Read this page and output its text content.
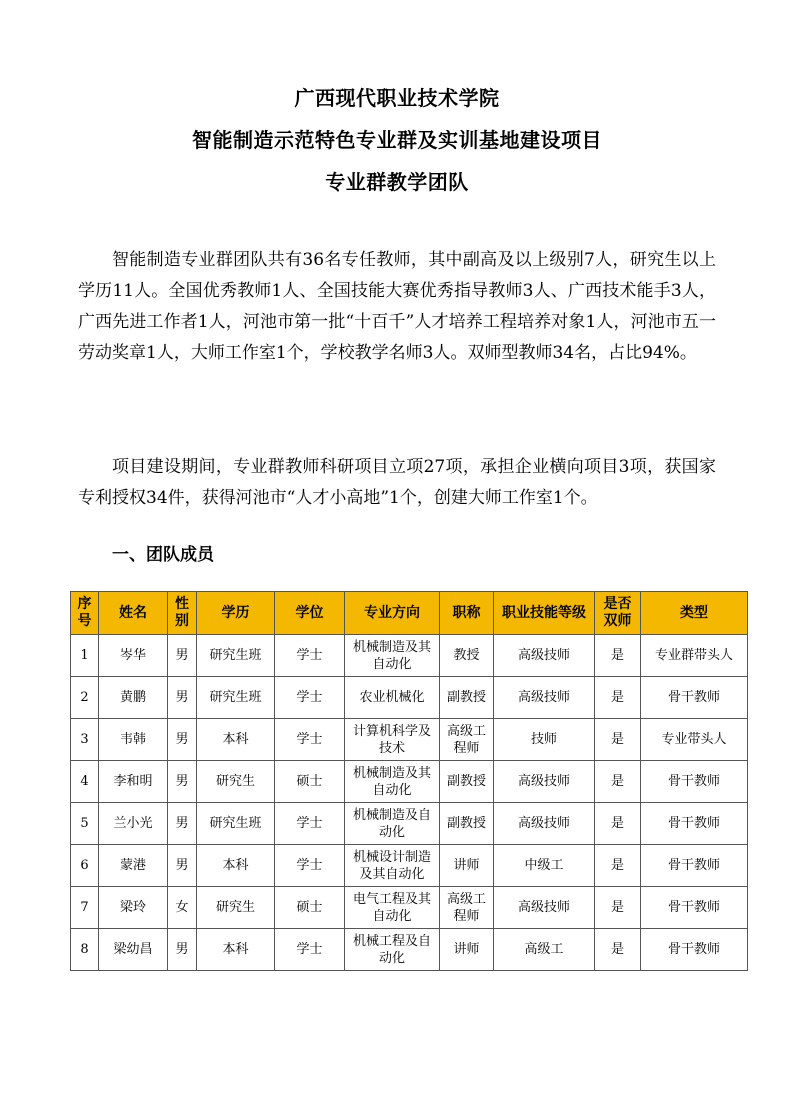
广西现代职业技术学院
智能制造示范特色专业群及实训基地建设项目
专业群教学团队

智能制造专业群团队共有36名专任教师，其中副高及以上级别7人，研究生以上学历11人。全国优秀教师1人、全国技能大赛优秀指导教师3人、广西技术能手3人，广西先进工作者1人，河池市第一批“十百千”人才培养工程培养对象1人，河池市五一劳动奖章1人，大师工作室1个，学校教学名师3人。双师型教师34名，占比94%。

项目建设期间，专业群教师科研项目立项27项，承担企业横向项目3项，获国家专利授权34件，获得河池市“人才小高地”1个，创建大师工作室1个。

一、团队成员
序号	姓名	性别	学历	学位	专业方向	职称	职业技能等级	是否双师	类型
1	岑华	男	研究生班	学士	机械制造及其自动化	教授	高级技师	是	专业群带头人
2	黄鹏	男	研究生班	学士	农业机械化	副教授	高级技师	是	骨干教师
3	韦韩	男	本科	学士	计算机科学及技术	高级工程师	技师	是	专业带头人
4	李和明	男	研究生	硕士	机械制造及其自动化	副教授	高级技师	是	骨干教师
5	兰小光	男	研究生班	学士	机械制造及自动化	副教授	高级技师	是	骨干教师
6	蒙港	男	本科	学士	机械设计制造及其自动化	讲师	中级工	是	骨干教师
7	梁玲	女	研究生	硕士	电气工程及其自动化	高级工程师	高级技师	是	骨干教师
8	梁幼昌	男	本科	学士	机械工程及自动化	讲师	高级工	是	骨干教师
